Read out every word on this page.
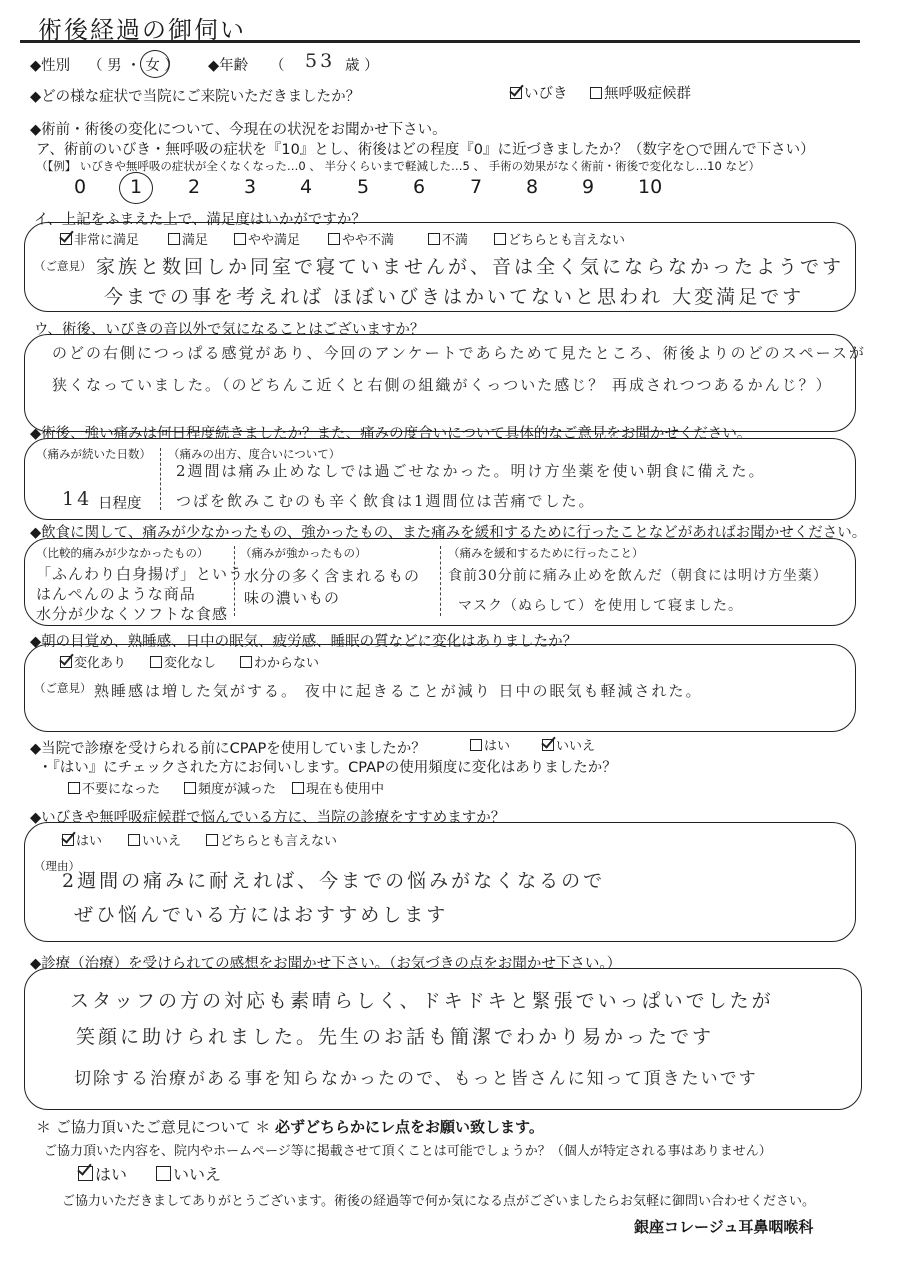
術後経過の御伺い
◆性別 （ 男 ・ 女 ） ◆年齢 （ 53 歳 ）
◆どの様な症状で当院にご来院いただきましたか？	いびき	無呼吸症候群
◆術前・術後の変化について、今現在の状況をお聞かせ下さい。
ア、術前のいびき・無呼吸の症状を『10』とし、術後はどの程度『0』に近づきましたか？（数字を○で囲んで下さい）
（【例】 いびきや無呼吸の症状が全くなくなった…0 、 半分くらいまで軽減した…5 、 手術の効果がなく術前・術後で変化なし…10 など）
0 1 2 3 4 5 6 7 8 9 10
イ、上記をふまえた上で、満足度はいかがですか？
非常に満足	満足	やや満足	やや不満	不満	どちらとも言えない
（ご意見） 家族と数回しか同室で寝ていませんが、音は全く気にならなかったようです
今までの事を考えれば ほぼいびきはかいてないと思われ 大変満足です
ウ、術後、いびきの音以外で気になることはございますか？
のどの右側につっぱる感覚があり、今回のアンケートであらためて見たところ、術後よりのどのスペースが
狭くなっていました。（のどちんこ近くと右側の組織がくっついた感じ？ 再成されつつあるかんじ？）
◆術後、強い痛みは何日程度続きましたか？また、痛みの度合いについて具体的なご意見をお聞かせください。
（痛みが続いた日数）
14 日程度
（痛みの出方、度合いについて）
2週間は痛み止めなしでは過ごせなかった。明け方坐薬を使い朝食に備えた。
つばを飲みこむのも辛く飲食は1週間位は苦痛でした。
◆飲食に関して、痛みが少なかったもの、強かったもの、また痛みを緩和するために行ったことなどがあればお聞かせください。
（比較的痛みが少なかったもの）
「ふんわり白身揚げ」という
はんぺんのような商品
水分が少なくソフトな食感
（痛みが強かったもの）
水分の多く含まれるもの
味の濃いもの
（痛みを緩和するために行ったこと）
食前30分前に痛み止めを飲んだ（朝食には明け方坐薬）
マスク（ぬらして）を使用して寝ました。
◆朝の目覚め、熟睡感、日中の眠気、疲労感、睡眠の質などに変化はありましたか？
変化あり	変化なし	わからない
（ご意見） 熟睡感は増した気がする。 夜中に起きることが減り 日中の眠気も軽減された。
◆当院で診療を受けられる前にCPAPを使用していましたか？	はい	いいえ
・『はい』にチェックされた方にお伺いします。CPAPの使用頻度に変化はありましたか？
不要になった	頻度が減った	現在も使用中
◆いびきや無呼吸症候群で悩んでいる方に、当院の診療をすすめますか？
はい	いいえ	どちらとも言えない
（理由）
2週間の痛みに耐えれば、今までの悩みがなくなるので
ぜひ悩んでいる方にはおすすめします
◆診療（治療）を受けられての感想をお聞かせ下さい。（お気づきの点をお聞かせ下さい。）
スタッフの方の対応も素晴らしく、ドキドキと緊張でいっぱいでしたが
笑顔に助けられました。先生のお話も簡潔でわかり易かったです
切除する治療がある事を知らなかったので、もっと皆さんに知って頂きたいです
＊ ご協力頂いたご意見について ＊ 必ずどちらかにレ点をお願い致します。
ご協力頂いた内容を、院内やホームページ等に掲載させて頂くことは可能でしょうか？（個人が特定される事はありません）
はい	いいえ
ご協力いただきましてありがとうございます。術後の経過等で何か気になる点がございましたらお気軽に御問い合わせください。
銀座コレージュ耳鼻咽喉科
